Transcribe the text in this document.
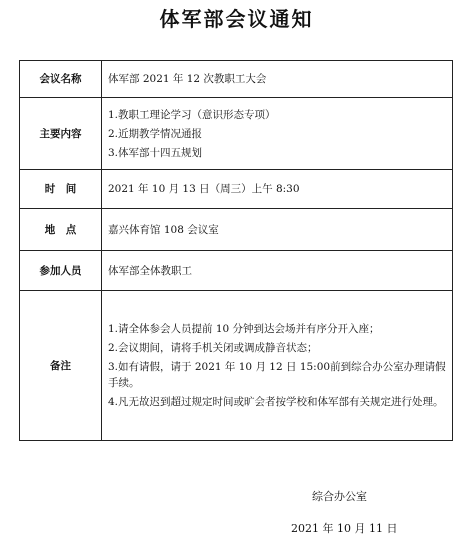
体军部会议通知
会议名称	体军部 2021 年 12 次教职工大会
主要内容	1.教职工理论学习（意识形态专项）
2.近期教学情况通报
3.体军部十四五规划

时　间	2021 年 10 月 13 日（周三）上午 8:30
地　点	嘉兴体育馆 108 会议室
参加人员	体军部全体教职工
备注	1.请全体参会人员提前 10 分钟到达会场并有序分开入座；
2.会议期间，请将手机关闭或调成静音状态；
3.如有请假，请于 2021 年 10 月 12 日 15:00前到综合办公室办理请假手续。
4.凡无故迟到超过规定时间或旷会者按学校和体军部有关规定进行处理。
综合办公室
2021 年 10 月 11 日
